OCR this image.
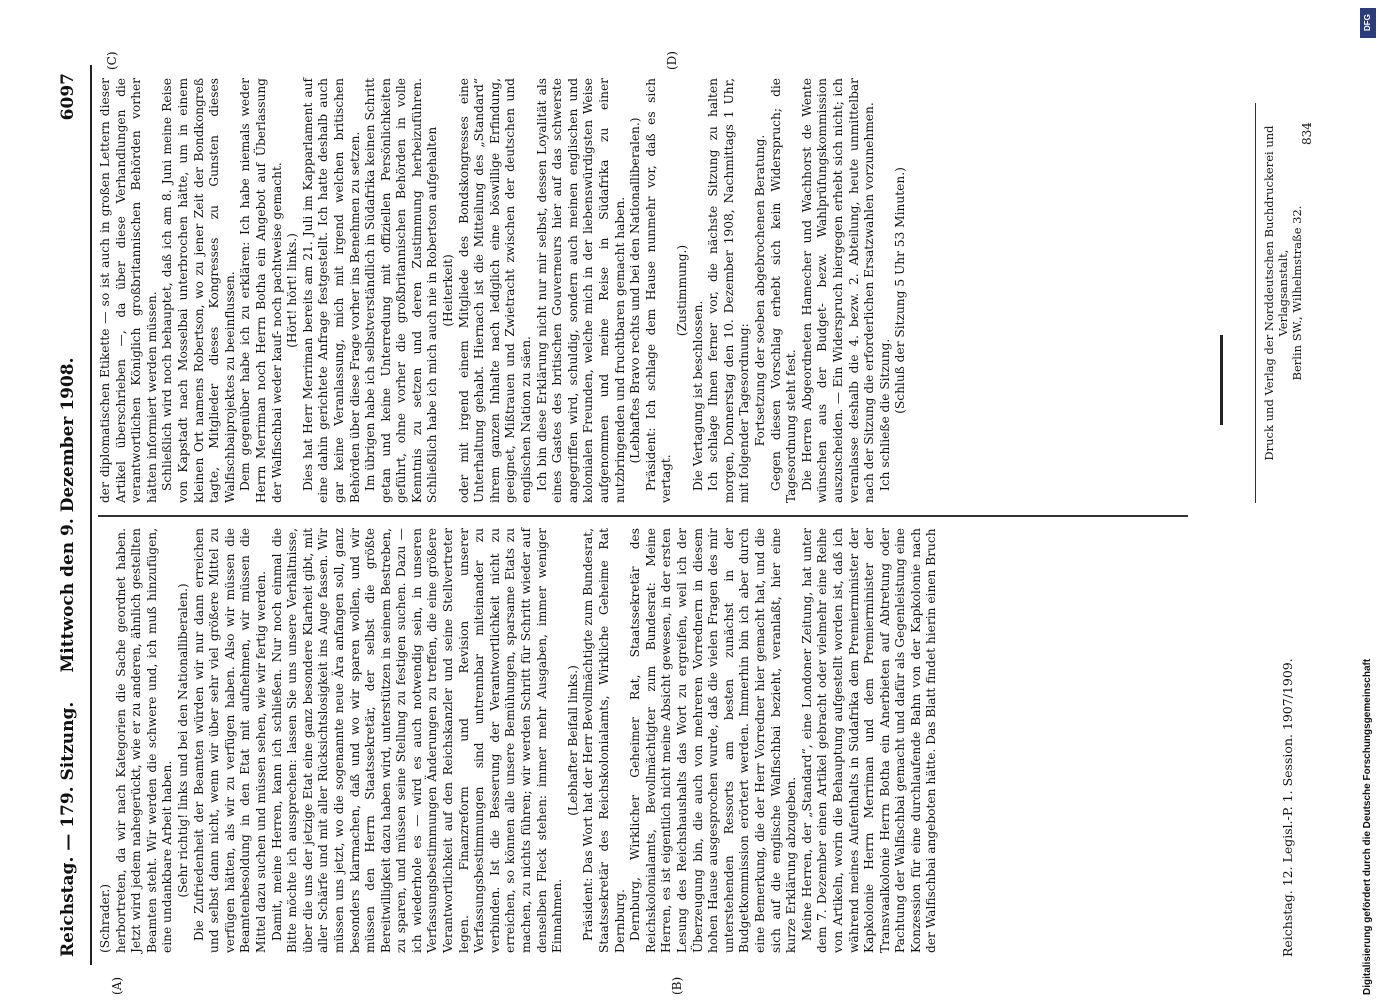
Reichstag. — 179. Sitzung.
Mittwoch den 9. Dezember 1908.
6097

(Schrader.) herbortreten, da wir nach Kategorien die Sache geordnet haben. Jetzt wird jedem nahegerückt, wie er zu anderen, ähnlich gestellten Beamten steht. Wir werden die schwere und, ich muß hinzufügen, eine undankbare Arbeit haben. (Sehr richtig! links und bei den Nationalliberalen.) Die Zufriedenheit der Beamten würden wir nur dann erreichen und selbst dann nicht, wenn wir über sehr viel größere Mittel zu verfügen hätten, als wir zu verfügen haben. Also wir müssen die Beamtenbesoldung in den Etat mit aufnehmen, wir müssen die Mittel dazu suchen und müssen sehen, wie wir fertig werden. Damit, meine Herren, kann ich schließen. Nur noch einmal die Bitte möchte ich aussprechen: lassen Sie uns unsere Verhältnisse, über die uns der jetzige Etat eine ganz besondere Klarheit gibt, mit aller Schärfe und mit aller Rücksichtslosigkeit ins Auge fassen. Wir müssen uns jetzt, wo die sogenannte neue Ära anfangen soll, ganz besonders klarmachen, daß und wo wir sparen wollen, und wir müssen den Herrn Staatssekretär, der selbst die größte Bereitwilligkeit dazu haben wird, unterstützen in seinem Bestreben, zu sparen, und müssen seine Stellung zu festigen suchen. Dazu — ich wiederhole es — wird es auch notwendig sein, in unseren Verfassungsbestimmungen Änderungen zu treffen, die eine größere Verantwortlichkeit auf den Reichskanzler und seine Stellvertreter legen. Finanzreform und Revision unserer Verfassungsbestimmungen sind untrennbar miteinander zu verbinden. Ist die Besserung der Verantwortlichkeit nicht zu erreichen, so können alle unsere Bemühungen, sparsame Etats zu machen, zu nichts führen; wir werden Schritt für Schritt wieder auf denselben Fleck stehen: immer mehr Ausgaben, immer weniger Einnahmen.

(Lebhafter Beifall links.) Präsident: Das Wort hat der Herr Bevollmächtigte zum Bundesrat, Staatssekretär des Reichskolonialamts, Wirkliche Geheime Rat Dernburg. Dernburg, Wirklicher Geheimer Rat, Staatssekretär des Reichskolonialamts, Bevollmächtigter zum Bundesrat: Meine Herren, es ist eigentlich nicht meine Absicht gewesen, in der ersten Lesung des Reichshaushalts das Wort zu ergreifen, weil ich der Überzeugung bin, die auch von mehreren Vorrednern in diesem hohen Hause ausgesprochen wurde, daß die vielen Fragen des mir unterstehenden Ressorts am besten zunächst in der Budgetkommission erörtert werden. Immerhin bin ich aber durch eine Bemerkung, die der Herr Vorredner hier gemacht hat, und die sich auf die englische Walfischbai bezieht, veranlaßt, hier eine kurze Erklärung abzugeben. Meine Herren, der „Standard“, eine Londoner Zeitung, hat unter dem 7. Dezember einen Artikel gebracht oder vielmehr eine Reihe von Artikeln, worin die Behauptung aufgestellt worden ist, daß ich während meines Aufenthalts in Südafrika dem Premierminister der Kapkolonie Herrn Merriman und dem Premierminister der Transvaalkolonie Herrn Botha ein Anerbieten auf Abtretung oder Pachtung der Walfischbai gemacht und dafür als Gegenleistung eine Konzession für eine durchlaufende Bahn von der Kapkolonie nach der Walfischbai angeboten hätte. Das Blatt findet hierin einen Bruch

der diplomatischen Etikette — so ist auch in großen Lettern dieser Artikel überschrieben —, da über diese Verhandlungen die verantwortlichen Königlich großbritannischen Behörden vorher hätten informiert werden müssen. Schließlich wird noch behauptet, daß ich am 8. Juni meine Reise von Kapstadt nach Mosselbai unterbrochen hätte, um in einem kleinen Ort namens Robertson, wo zu jener Zeit der Bondkongreß tagte, Mitglieder dieses Kongresses zu Gunsten dieses Walfischbaiprojektes zu beeinflussen. Dem gegenüber habe ich zu erklären: Ich habe niemals weder Herrn Merriman noch Herrn Botha ein Angebot auf Überlassung der Walfischbai weder kauf- noch pachtweise gemacht. (Hört! hört! links.) Dies hat Herr Merriman bereits am 21. Juli im Kapparlament auf eine dahin gerichtete Anfrage festgestellt. Ich hatte deshalb auch gar keine Veranlassung, mich mit irgend welchen britischen Behörden über diese Frage vorher ins Benehmen zu setzen. Im übrigen habe ich selbstverständlich in Südafrika keinen Schritt getan und keine Unterredung mit offiziellen Persönlichkeiten geführt, ohne vorher die großbritannischen Behörden in volle Kenntnis zu setzen und deren Zustimmung herbeizuführen. Schließlich habe ich mich auch nie in Robertson aufgehalten (Heiterkeit) oder mit irgend einem Mitgliede des Bondskongresses eine Unterhaltung gehabt. Hiernach ist die Mitteilung des „Standard“ ihrem ganzen Inhalte nach lediglich eine böswillige Erfindung, geeignet, Mißtrauen und Zwietracht zwischen der deutschen und englischen Nation zu säen. Ich bin diese Erklärung nicht nur mir selbst, dessen Loyalität als eines Gastes des britischen Gouverneurs hier auf das schwerste angegriffen wird, schuldig, sondern auch meinen englischen und kolonialen Freunden, welche mich in der liebenswürdigsten Weise aufgenommen und meine Reise in Südafrika zu einer nutzbringenden und fruchtbaren gemacht haben. (Lebhaftes Bravo rechts und bei den Nationalliberalen.) Präsident: Ich schlage dem Hause nunmehr vor, daß es sich vertagt.

(Zustimmung.)

Die Vertagung ist beschlossen. Ich schlage Ihnen ferner vor, die nächste Sitzung zu halten morgen, Donnerstag den 10. Dezember 1908, Nachmittags 1 Uhr, mit folgender Tagesordnung: Fortsetzung der soeben abgebrochenen Beratung. Gegen diesen Vorschlag erhebt sich kein Widerspruch; die Tagesordnung steht fest. Die Herren Abgeordneten Hamecher und Wachhorst de Wente wünschen aus der Budget- bezw. Wahlprüfungskommission auszuscheiden. — Ein Widerspruch hiergegen erhebt sich nicht; ich veranlasse deshalb die 4. bezw. 2. Abteilung, heute unmittelbar nach der Sitzung die erforderlichen Ersatzwahlen vorzunehmen. Ich schließe die Sitzung.

(Schluß der Sitzung 5 Uhr 53 Minuten.)

(A)	(B)
(C)	(D)
Reichstag. 12. Legisl.-P. 1. Session. 1907/1909.
Druck und Verlag der Norddeutschen Buchdruckerei und Verlagsanstalt, Berlin SW., Wilhelmstraße 32.
834
Digitalisierung gefördert durch die Deutsche Forschungsgemeinschaft
DFG
